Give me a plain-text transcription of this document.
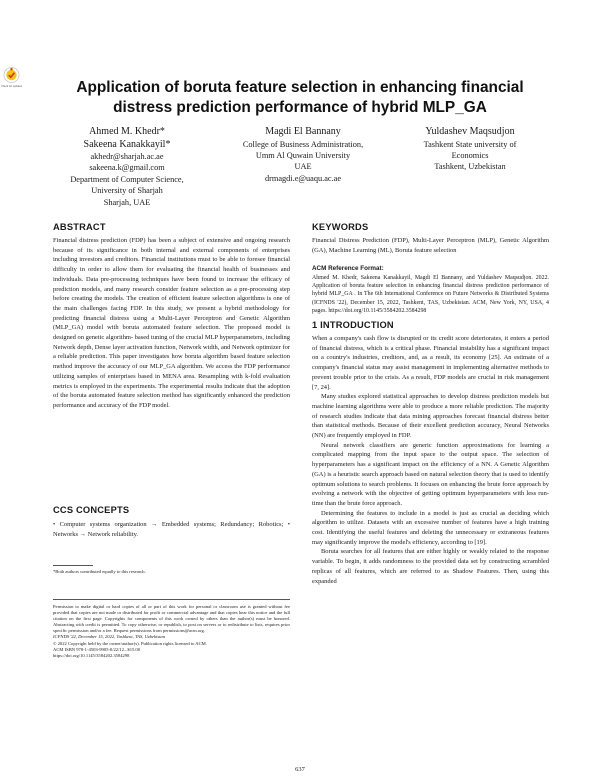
Check for updates	Application of boruta feature selection in enhancing financial
distress prediction performance of hybrid MLP_GA
Ahmed M. Khedr*
Sakeena Kanakkayil*
akhedr@sharjah.ac.ae
sakeena.k@gmail.com
Department of Computer Science,
University of Sharjah
Sharjah, UAE
Magdi El Bannany
College of Business Administration,
Umm Al Quwain University
UAE
drmagdi.e@uaqu.ac.ae
Yuldashev Maqsudjon
Tashkent State university of
Economics
Tashkent, Uzbekistan
ABSTRACT
Financial distress prediction (FDP) has been a subject of extensive and ongoing research because of its significance in both internal and external components of enterprises including investors and creditors. Financial institutions must to be able to foresee financial difficulty in order to allow them for evaluating the financial health of businesses and individuals. Data pre-processing techniques have been found to increase the efficacy of prediction models, and many research consider feature selection as a pre-processing step before creating the models. The creation of efficient feature selection algorithms is one of the main challenges facing FDP. In this study, we present a hybrid methodology for predicting financial distress using a Multi-Layer Perceptron and Genetic Algorithm (MLP_GA) model with boruta automated feature selection. The proposed model is designed on genetic algorithm- based tuning of the crucial MLP hyperparameters, including Network depth, Dense layer activation function, Network width, and Network optimizer for a reliable prediction. This paper investigates how boruta algorithm based feature selection method improve the accuracy of our MLP_GA algorithm. We access the FDP performance utilizing samples of enterprises based in MENA area. Resampling with k-fold evaluation metrics is employed in the experiments. The experimental results indicate that the adoption of the boruta automated feature selection method has significantly enhanced the prediction performance and accuracy of the FDP model.
CCS CONCEPTS
• Computer systems organization → Embedded systems; Redundancy; Robotics; • Networks → Network reliability.
*Both authors contributed equally to this research.

Permission to make digital or hard copies of all or part of this work for personal or classroom use is granted without fee provided that copies are not made or distributed for profit or commercial advantage and that copies bear this notice and the full citation on the first page. Copyrights for components of this work owned by others than the author(s) must be honored. Abstracting with credit is permitted. To copy otherwise, or republish, to post on servers or to redistribute to lists, requires prior specific permission and/or a fee. Request permissions from permissions@acm.org.

ICFNDS '22, December 15, 2022, Tashkent, TAS, Uzbekistan

© 2022 Copyright held by the owner/author(s). Publication rights licensed to ACM.

ACM ISBN 978-1-4503-9905-0/22/12...$15.00

https://doi.org/10.1145/3584202.3584298

KEYWORDS
Financial Distress Prediction (FDP), Multi-Layer Perceptron (MLP), Genetic Algorithm (GA), Machine Learning (ML), Boruta feature selection
ACM Reference Format:
Ahmed M. Khedr, Sakeena Kanakkayil, Magdi El Bannany, and Yuldashev Maqsudjon. 2022. Application of boruta feature selection in enhancing financial distress prediction performance of hybrid MLP_GA . In The 6th International Conference on Future Networks & Distributed Systems (ICFNDS '22), December 15, 2022, Tashkent, TAS, Uzbekistan. ACM, New York, NY, USA, 4 pages. https://doi.org/10.1145/3584202.3584298
1 INTRODUCTION

When a company's cash flow is disrupted or its credit score deteriorates, it enters a period of financial distress, which is a critical phase. Financial instability has a significant impact on a country's industries, creditors, and, as a result, its economy [25]. An estimate of a company's financial status may assist management in implementing alternative methods to prevent trouble prior to the crisis. As a result, FDP models are crucial in risk management [7, 24].

Many studies explored statistical approaches to develop distress prediction models but machine learning algorithms were able to produce a more reliable prediction. The majority of research studies indicate that data mining approaches forecast financial distress better than statistical methods. Because of their excellent prediction accuracy, Neural Networks (NN) are frequently employed in FDP.

Neural network classifiers are generic function approximations for learning a complicated mapping from the input space to the output space. The selection of hyperparameters has a significant impact on the efficiency of a NN. A Genetic Algorithm (GA) is a heuristic search approach based on natural selection theory that is used to identify optimum solutions to search problems. It focuses on enhancing the brute force approach by evolving a network with the objective of getting optimum hyperparameters with less run-time than the brute force approach.

Determining the features to include in a model is just as crucial as deciding which algorithm to utilize. Datasets with an excessive number of features have a high training cost. Identifying the useful features and deleting the unnecessary or extraneous features may significantly improve the model's efficiency, according to [19].

Boruta searches for all features that are either highly or weakly related to the response variable. To begin, it adds randomness to the provided data set by constructing scrambled replicas of all features, which are referred to as Shadow Features. Then, using this expanded

637
